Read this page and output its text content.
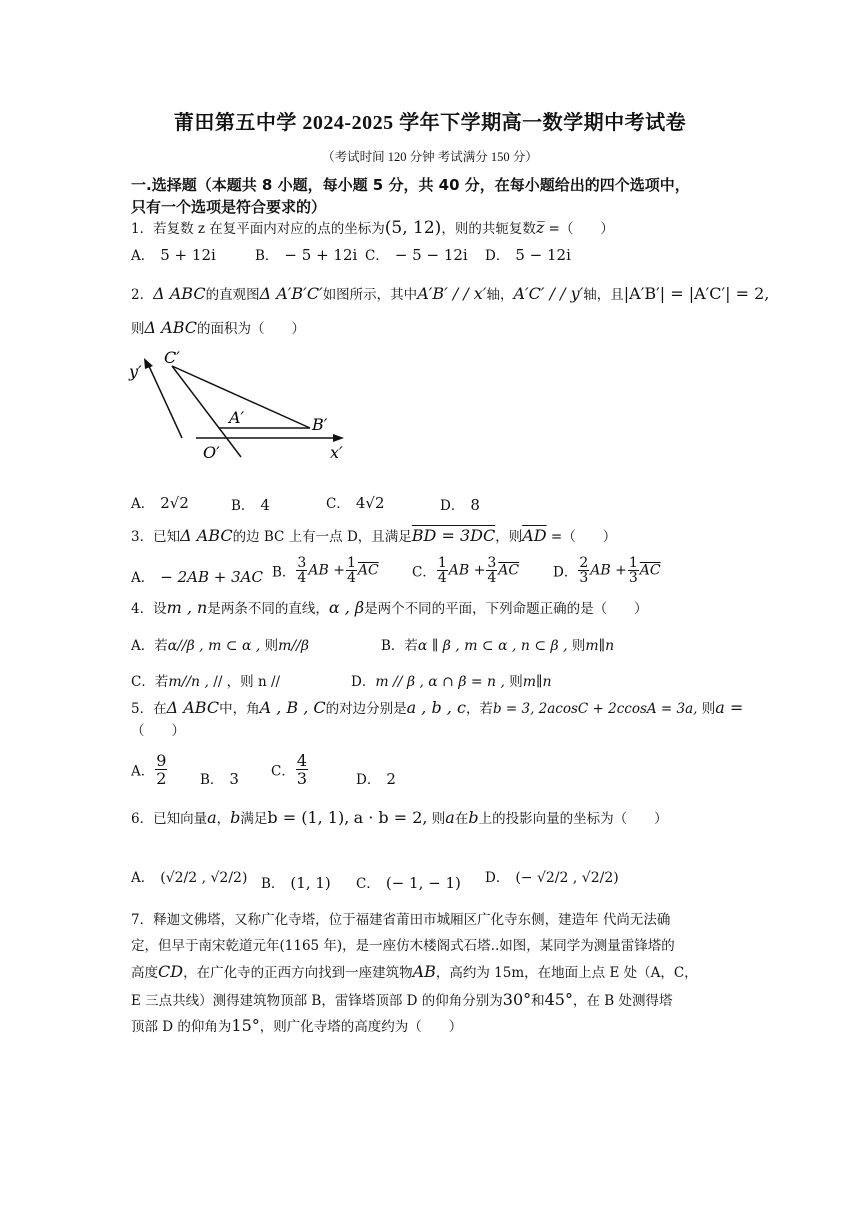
莆田第五中学 2024-2025 学年下学期高一数学期中考试卷
（考试时间 120 分钟 考试满分 150 分）
一.选择题（本题共 8 小题，每小题 5 分，共 40 分，在每小题给出的四个选项中，
只有一个选项是符合要求的）
1．若复数 z 在复平面内对应的点的坐标为(5, 12)，则的共轭复数z̅ =（　　）
A． 5 + 12i	B． − 5 + 12i C． − 5 − 12i D． 5 − 12i
2．Δ ABC的直观图Δ A′B′C′如图所示，其中A′B′ / / x′轴，A′C′ / / y′轴，且|A′B′| = |A′C′| = 2,
则Δ ABC的面积为（　　）
y′
C′
A′	B′
O′	x′
A． 2√2	B． 4	C． 4√2	D． 8
3．已知Δ ABC的边 BC 上有一点 D，且满足BD = 3DC，则$\overline{AD}$ =（　　）
A． − 2AB + 3AC B． $\frac{3}{4}$ AB + $\frac{1}{4} \overline{AC}$ C． $\frac{1}{4}$ AB + $\frac{3}{4} \overline{AC}$	D． $\frac{2}{3}$ AB + $\frac{1}{3} \overline{AC}$
4．设m , n是两条不同的直线，α , β是两个不同的平面，下列命题正确的是（　　）
A．若α//β , m ⊂ α , 则m//β	B．若α ∥ β , m ⊂ α , n ⊂ β , 则m∥n
C．若m//n , // ，则 n //	D．m // β , α ∩ β = n , 则m∥n
5．在Δ ABC中，角A , B , C的对边分别是a , b , c，若b = 3, 2acosC + 2ccosA = 3a, 则a =
（　　）
A． $\frac{9}{2}$ B． 3 C． $\frac{4}{3}$	D． 2
6．已知向量a，b满足b = (1, 1), a · b = 2, 则a在b上的投影向量的坐标为（　　）
A． (√2/2 , √2/2) B． (1, 1) C． (− 1, − 1) D． (− √2/2 , √2/2)
7．释迦文佛塔，又称广化寺塔，位于福建省莆田市城厢区广化寺东侧，建造年 代尚无法确
定，但早于南宋乾道元年(1165 年)，是一座仿木楼阁式石塔..如图，某同学为测量雷锋塔的
高度CD，在广化寺的正西方向找到一座建筑物AB，高约为 15m，在地面上点 E 处（A，C，
E 三点共线）测得建筑物顶部 B，雷锋塔顶部 D 的仰角分别为30°和45°，在 B 处测得塔
顶部 D 的仰角为15°，则广化寺塔的高度约为（　　）
